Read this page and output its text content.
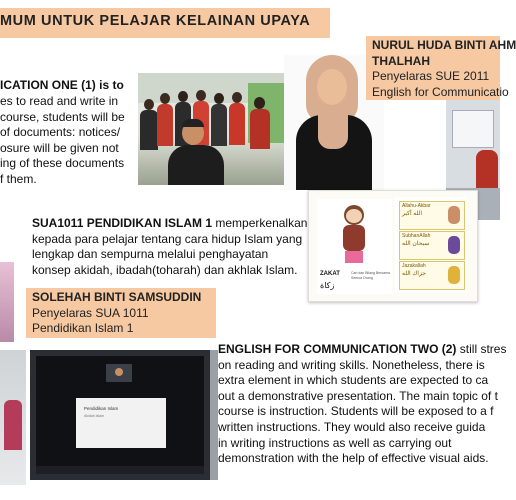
MUM UNTUK PELAJAR KELAINAN UPAYA
ICATION ONE (1) is to
es to read and write in
course, students will be
of documents: notices/
osure will be given not
ing of these documents
f them.
NURUL HUDA BINTI AHM
THALHAH
Penyelaras SUE 2011
English for Communicatio
ZAKAT
زكاة
Cari dan Bilang Bersama Semua Orang
Allahu-Akbar
الله أكبر
SubhanAllah
سبحان الله
Jazakallah
جزاك الله
SUA1011 PENDIDIKAN ISLAM 1 memperkenalkan
kepada para pelajar tentang cara hidup Islam yang
lengkap dan sempurna melalui penghayatan
konsep akidah, ibadah(toharah) dan akhlak Islam.
SOLEHAH BINTI SAMSUDDIN
Penyelaras SUA 1011
Pendidikan Islam 1
Pendidikan Islam
Akidah Islam
ENGLISH FOR COMMUNICATION TWO (2) still stres
on reading and writing skills. Nonetheless, there is
extra element in which students are expected to ca
out a demonstrative presentation. The main topic of t
course is instruction. Students will be exposed to a f
written instructions. They would also receive guida
in writing instructions as well as carrying out
demonstration with the help of effective visual aids.
